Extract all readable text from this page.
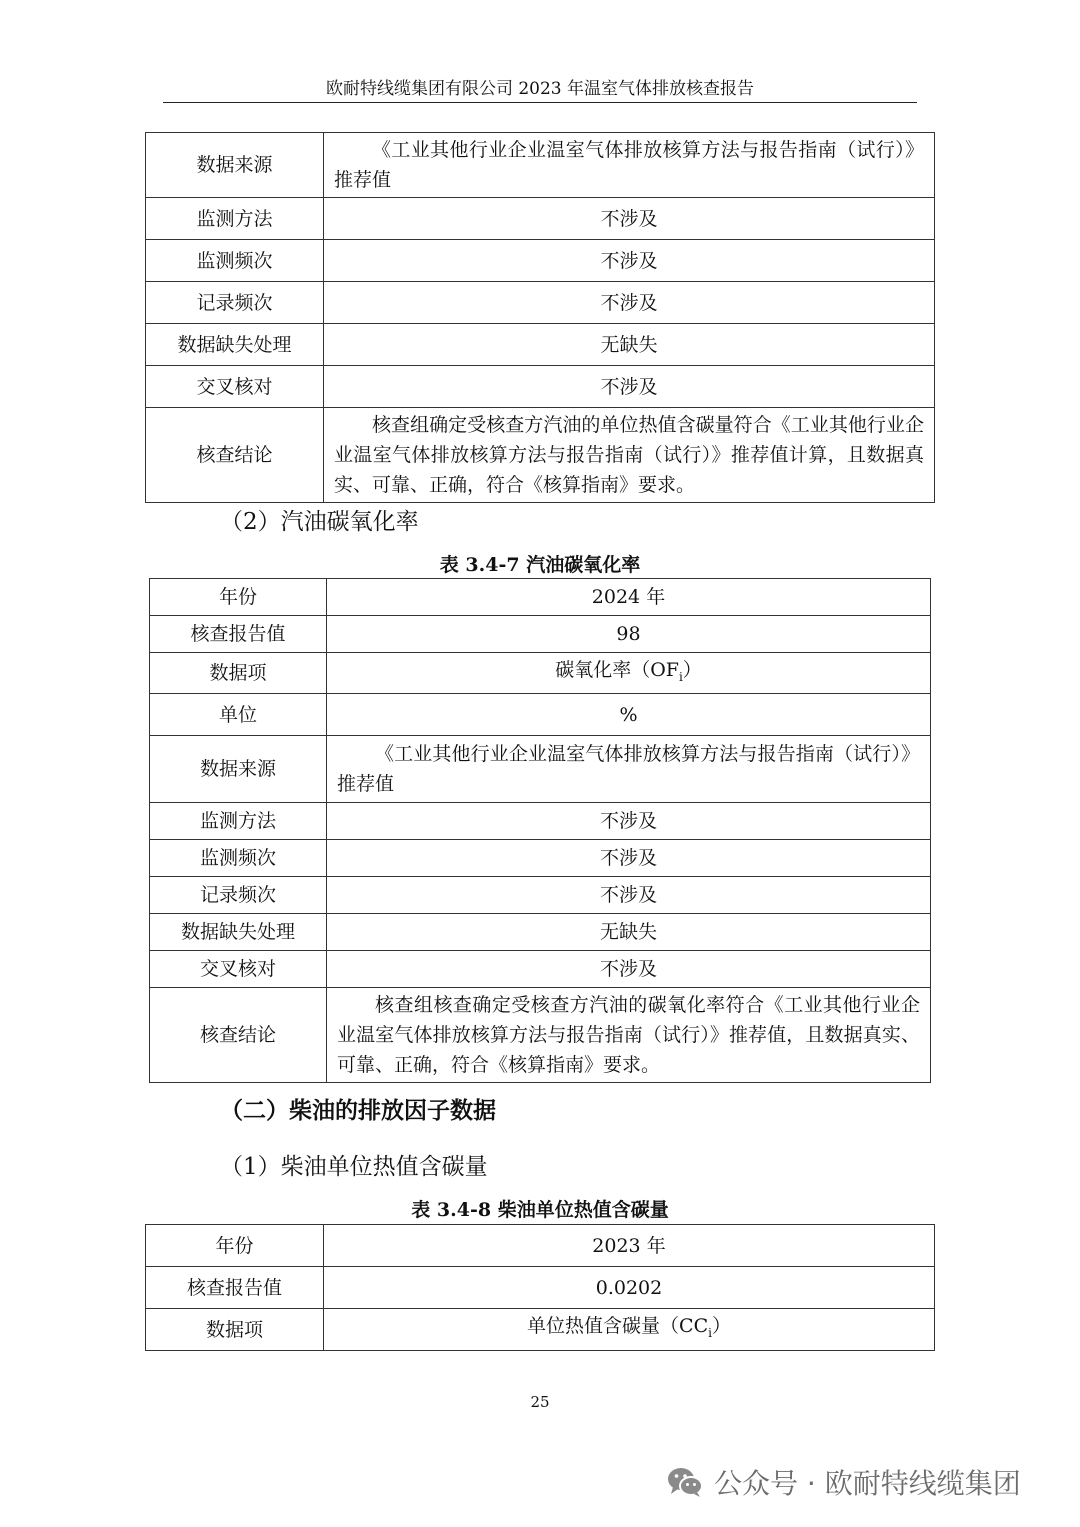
欧耐特线缆集团有限公司 2023 年温室气体排放核查报告
数据来源	《工业其他行业企业温室气体排放核算方法与报告指南（试行）》推荐值
监测方法	不涉及
监测频次	不涉及
记录频次	不涉及
数据缺失处理	无缺失
交叉核对	不涉及
核查结论	核查组确定受核查方汽油的单位热值含碳量符合《工业其他行业企业温室气体排放核算方法与报告指南（试行）》推荐值计算，且数据真实、可靠、正确，符合《核算指南》要求。
（2）汽油碳氧化率
表 3.4-7 汽油碳氧化率
年份	2024 年
核查报告值	98
数据项	碳氧化率$(OF_i)$
单位	%
数据来源	《工业其他行业企业温室气体排放核算方法与报告指南（试行）》推荐值
监测方法	不涉及
监测频次	不涉及
记录频次	不涉及
数据缺失处理	无缺失
交叉核对	不涉及
核查结论	核查组核查确定受核查方汽油的碳氧化率符合《工业其他行业企业温室气体排放核算方法与报告指南（试行）》推荐值，且数据真实、可靠、正确，符合《核算指南》要求。
（二）柴油的排放因子数据
（1）柴油单位热值含碳量
表 3.4-8 柴油单位热值含碳量
年份	2023 年
核查报告值	0.0202
数据项	单位热值含碳量$(CC_i)$
25
公众号 · 欧耐特线缆集团
